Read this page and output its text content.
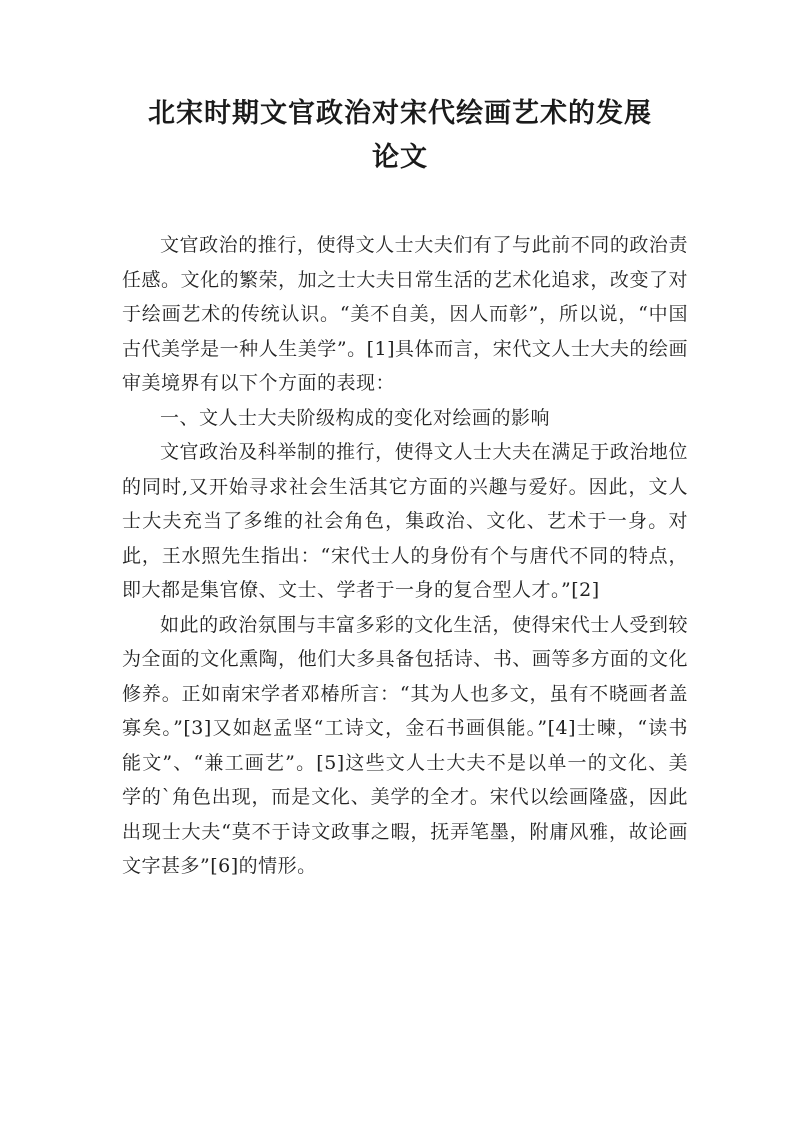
北宋时期文官政治对宋代绘画艺术的发展
论文

文官政治的推行，使得文人士大夫们有了与此前不同的政治责任感。文化的繁荣，加之士大夫日常生活的艺术化追求，改变了对于绘画艺术的传统认识。“美不自美，因人而彰”，所以说，“中国古代美学是一种人生美学”。[1]具体而言，宋代文人士大夫的绘画审美境界有以下个方面的表现：

一、文人士大夫阶级构成的变化对绘画的影响

文官政治及科举制的推行，使得文人士大夫在满足于政治地位的同时,又开始寻求社会生活其它方面的兴趣与爱好。因此，文人士大夫充当了多维的社会角色，集政治、文化、艺术于一身。对此，王水照先生指出：“宋代士人的身份有个与唐代不同的特点，即大都是集官僚、文士、学者于一身的复合型人才。”[2]

如此的政治氛围与丰富多彩的文化生活，使得宋代士人受到较为全面的文化熏陶，他们大多具备包括诗、书、画等多方面的文化修养。正如南宋学者邓椿所言：“其为人也多文，虽有不晓画者盖寡矣。”[3]又如赵孟坚“工诗文，金石书画俱能。”[4]士暕，“读书能文”、“兼工画艺”。[5]这些文人士大夫不是以单一的文化、美学的`角色出现，而是文化、美学的全才。宋代以绘画隆盛，因此出现士大夫“莫不于诗文政事之暇，抚弄笔墨，附庸风雅，故论画文字甚多”[6]的情形。
